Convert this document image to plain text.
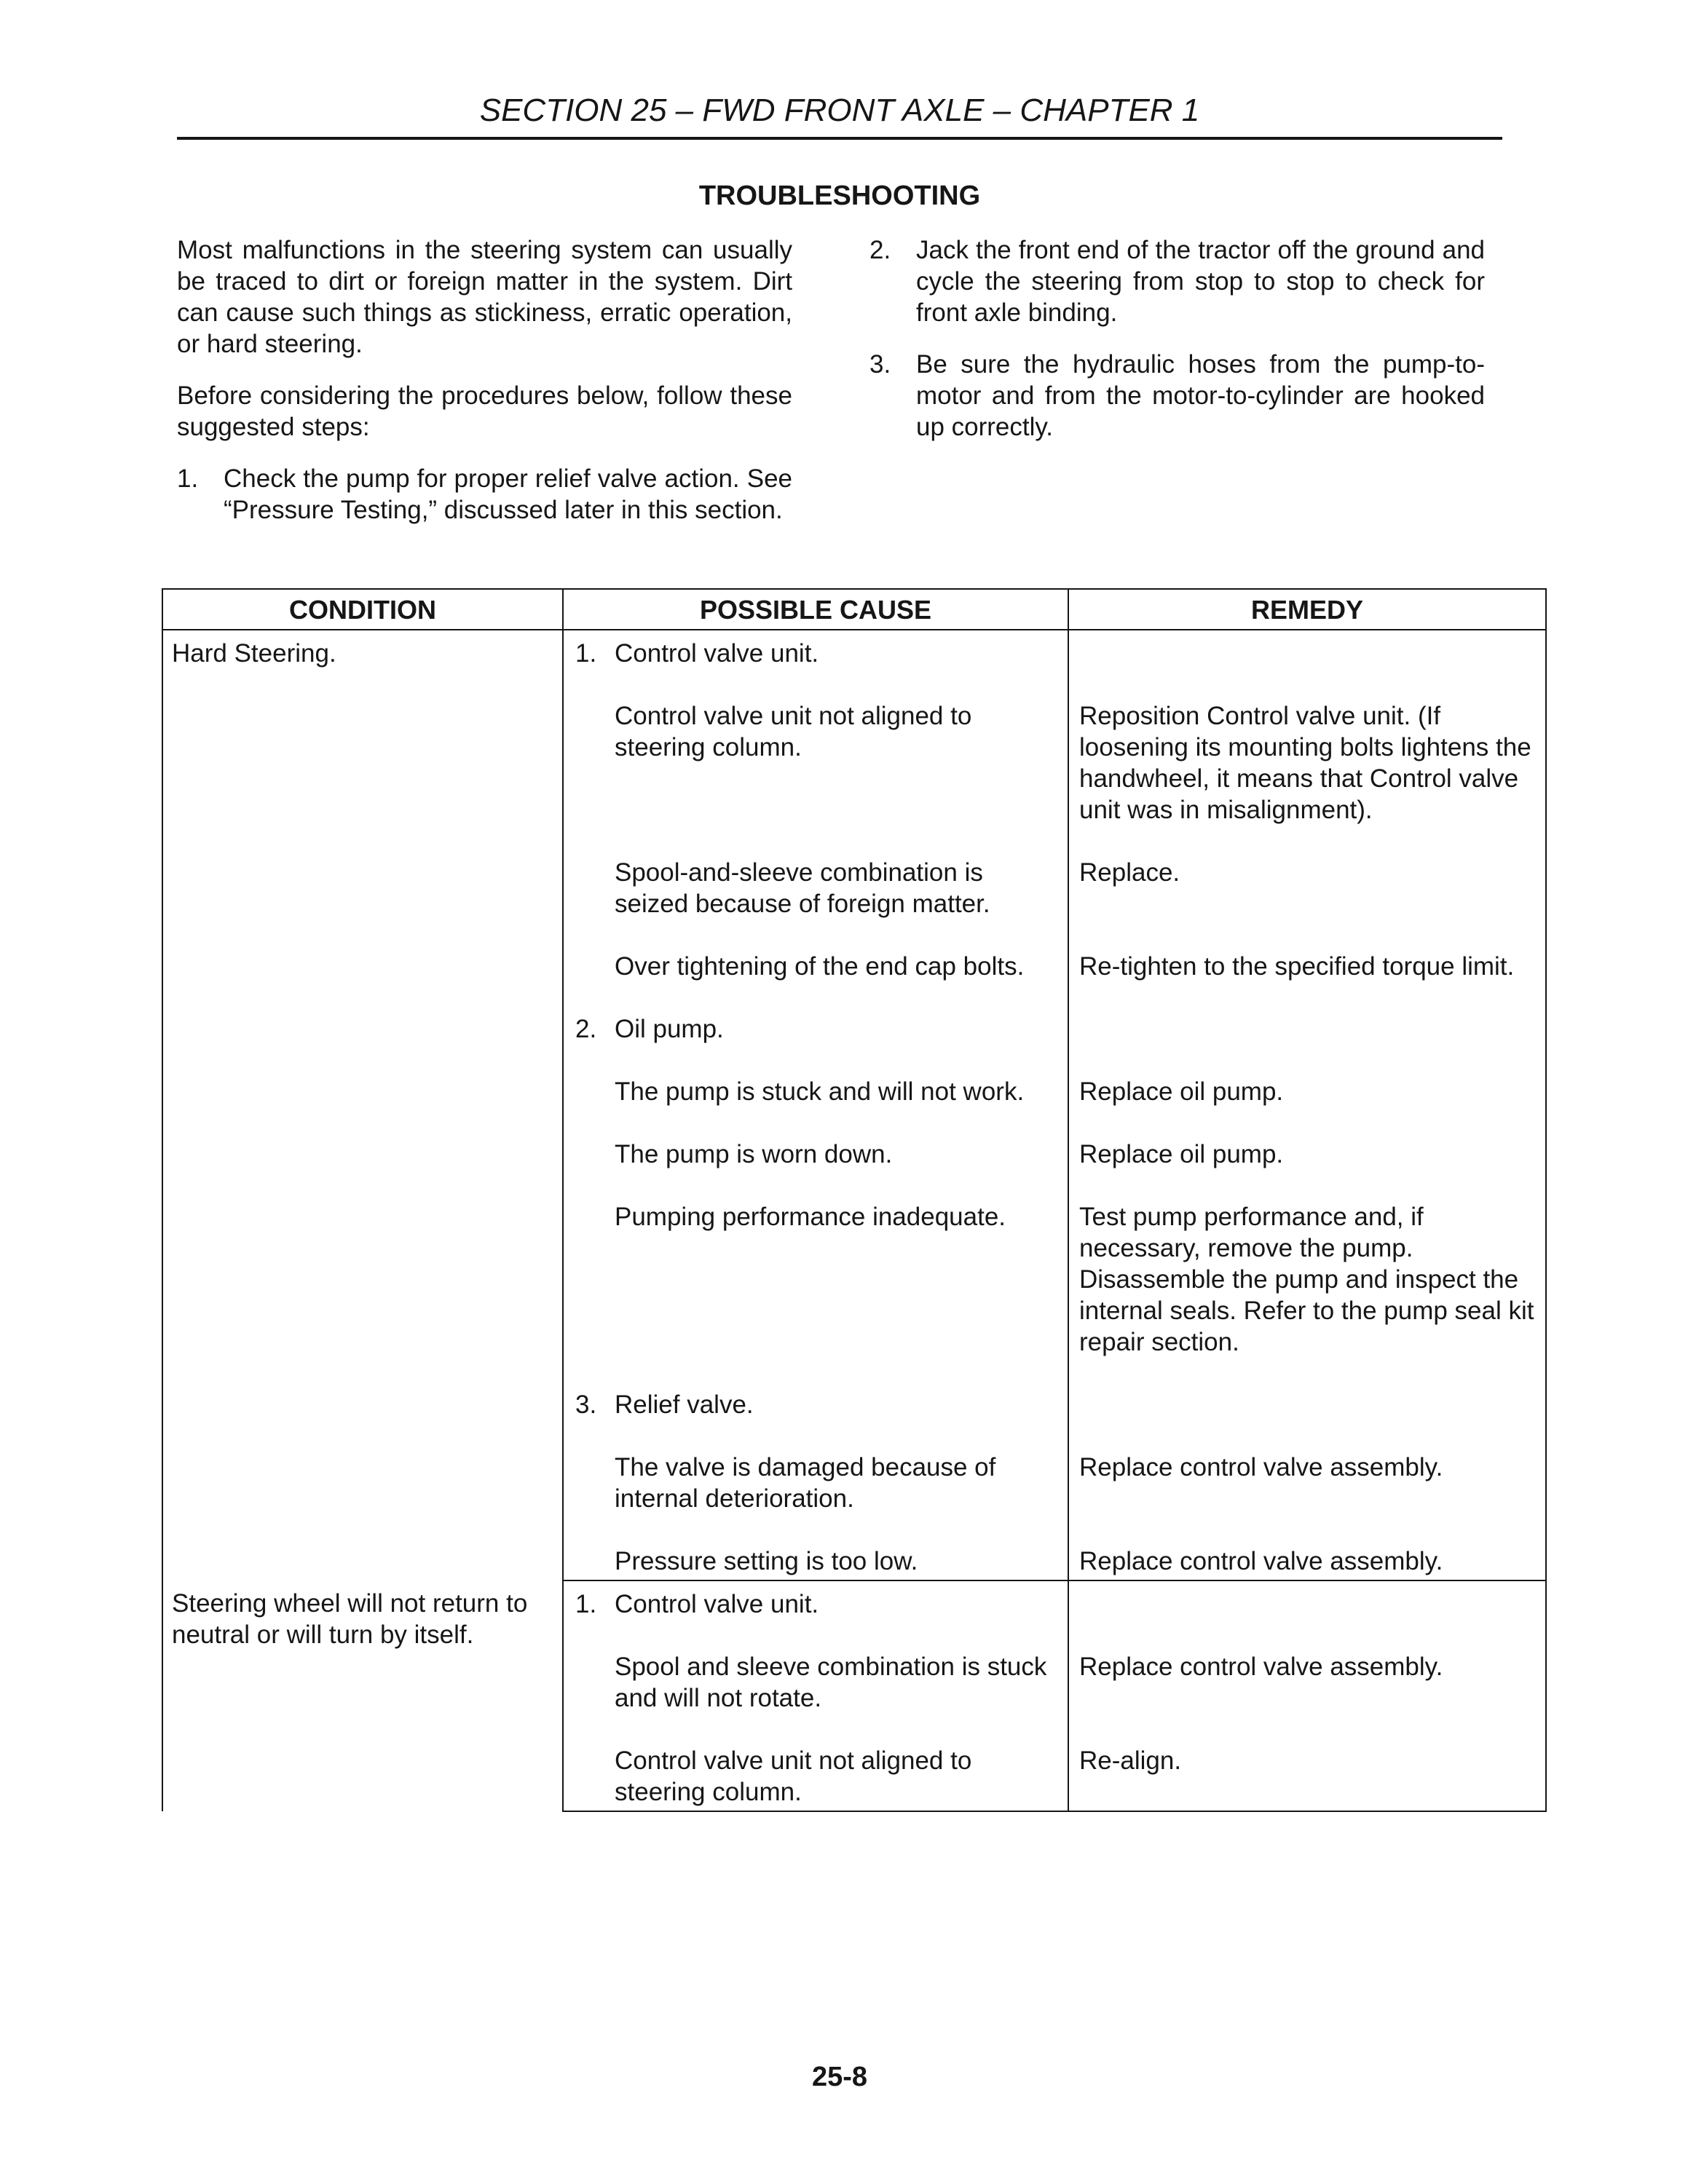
SECTION 25 – FWD FRONT AXLE – CHAPTER 1
TROUBLESHOOTING

Most malfunctions in the steering system can usually be traced to dirt or foreign matter in the system. Dirt can cause such things as stickiness, erratic operation, or hard steering.

Before considering the procedures below, follow these suggested steps:

1. Check the pump for proper relief valve action. See “Pressure Testing,” discussed later in this section.
2. Jack the front end of the tractor off the ground and cycle the steering from stop to stop to check for front axle binding.
3. Be sure the hydraulic hoses from the pump-to-motor and from the motor-to-cylinder are hooked up correctly.
CONDITION	POSSIBLE CAUSE	REMEDY
Hard Steering.	1. Control valve unit.	

	Control valve unit not aligned to steering column.	Reposition Control valve unit. (If loosening its mounting bolts lightens the handwheel, it means that Control valve unit was in misalignment).

	Spool-and-sleeve combination is seized because of foreign matter.	Replace.

	Over tightening of the end cap bolts.	Re-tighten to the specified torque limit.

	2. Oil pump.	

	The pump is stuck and will not work.	Replace oil pump.

	The pump is worn down.	Replace oil pump.

	Pumping performance inadequate.	Test pump performance and, if necessary, remove the pump. Disassemble the pump and inspect the internal seals. Refer to the pump seal kit repair section.

	3. Relief valve.	

	The valve is damaged because of internal deterioration.	Replace control valve assembly.

	Pressure setting is too low.	Replace control valve assembly.

Steering wheel will not return to neutral or will turn by itself.	1. Control valve unit.	

	Spool and sleeve combination is stuck and will not rotate.	Replace control valve assembly.

	Control valve unit not aligned to steering column.	Re-align.
25-8
